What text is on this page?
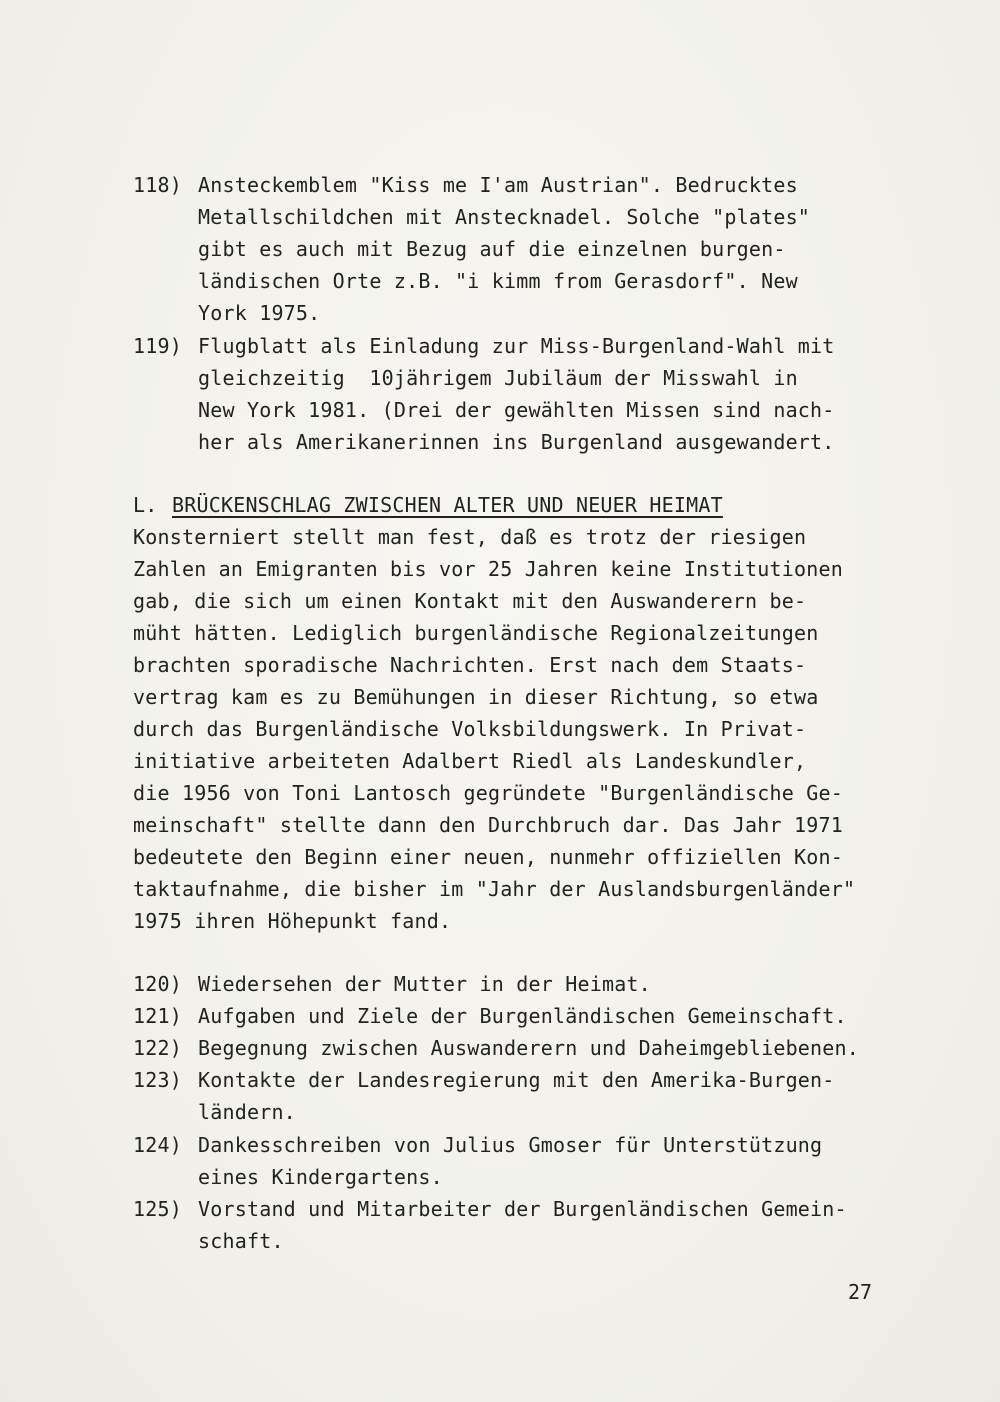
118) Ansteckemblem "Kiss me I'am Austrian". Bedrucktes
Metallschildchen mit Anstecknadel. Solche "plates"
gibt es auch mit Bezug auf die einzelnen burgen-
ländischen Orte z.B. "i kimm from Gerasdorf". New
York 1975.
119) Flugblatt als Einladung zur Miss-Burgenland-Wahl mit
gleichzeitig  10jährigem Jubiläum der Misswahl in
New York 1981. (Drei der gewählten Missen sind nach-
her als Amerikanerinnen ins Burgenland ausgewandert.
L. BRÜCKENSCHLAG ZWISCHEN ALTER UND NEUER HEIMAT
Konsterniert stellt man fest, daß es trotz der riesigen
Zahlen an Emigranten bis vor 25 Jahren keine Institutionen
gab, die sich um einen Kontakt mit den Auswanderern be-
müht hätten. Lediglich burgenländische Regionalzeitungen
brachten sporadische Nachrichten. Erst nach dem Staats-
vertrag kam es zu Bemühungen in dieser Richtung, so etwa
durch das Burgenländische Volksbildungswerk. In Privat-
initiative arbeiteten Adalbert Riedl als Landeskundler,
die 1956 von Toni Lantosch gegründete "Burgenländische Ge-
meinschaft" stellte dann den Durchbruch dar. Das Jahr 1971
bedeutete den Beginn einer neuen, nunmehr offiziellen Kon-
taktaufnahme, die bisher im "Jahr der Auslandsburgenländer"
1975 ihren Höhepunkt fand.
120) Wiedersehen der Mutter in der Heimat.
121) Aufgaben und Ziele der Burgenländischen Gemeinschaft.
122) Begegnung zwischen Auswanderern und Daheimgebliebenen.
123) Kontakte der Landesregierung mit den Amerika-Burgen-
ländern.
124) Dankesschreiben von Julius Gmoser für Unterstützung
eines Kindergartens.
125) Vorstand und Mitarbeiter der Burgenländischen Gemein-
schaft.
27
